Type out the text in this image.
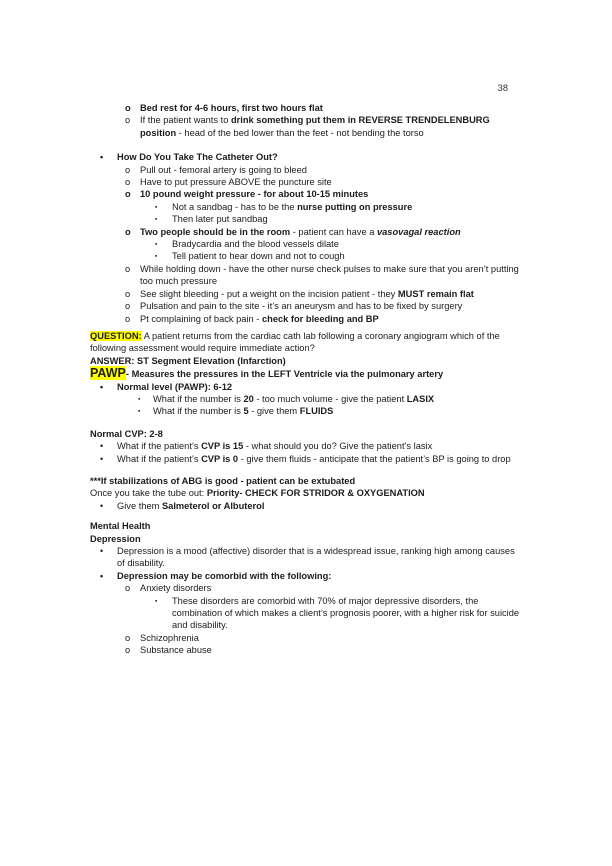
38
o Bed rest for 4-6 hours, first two hours flat
o If the patient wants to drink something put them in REVERSE TRENDELENBURG position - head of the bed lower than the feet - not bending the torso
• How Do You Take The Catheter Out?
o Pull out - femoral artery is going to bleed
o Have to put pressure ABOVE the puncture site
o 10 pound weight pressure - for about 10-15 minutes
▪ Not a sandbag - has to be the nurse putting on pressure
▪ Then later put sandbag
o Two people should be in the room - patient can have a vasovagal reaction
▪ Bradycardia and the blood vessels dilate
▪ Tell patient to hear down and not to cough
o While holding down - have the other nurse check pulses to make sure that you aren’t putting too much pressure
o See slight bleeding - put a weight on the incision patient - they MUST remain flat
o Pulsation and pain to the site - it’s an aneurysm and has to be fixed by surgery
o Pt complaining of back pain - check for bleeding and BP
QUESTION: A patient returns from the cardiac cath lab following a coronary angiogram which of the following assessment would require immediate action?
ANSWER: ST Segment Elevation (Infarction)
PAWP- Measures the pressures in the LEFT Ventricle via the pulmonary artery
• Normal level (PAWP): 6-12
▪ What if the number is 20 - too much volume - give the patient LASIX
▪ What if the number is 5 - give them FLUIDS
Normal CVP: 2-8
• What if the patient’s CVP is 15 - what should you do? Give the patient’s lasix
• What if the patient’s CVP is 0 - give them fluids - anticipate that the patient’s BP is going to drop
***If stabilizations of ABG is good - patient can be extubated
Once you take the tube out: Priority- CHECK FOR STRIDOR & OXYGENATION
• Give them Salmeterol or Albuterol
Mental Health
Depression
• Depression is a mood (affective) disorder that is a widespread issue, ranking high among causes of disability.
• Depression may be comorbid with the following:
o Anxiety disorders
▪ These disorders are comorbid with 70% of major depressive disorders, the combination of which makes a client’s prognosis poorer, with a higher risk for suicide and disability.
o Schizophrenia
o Substance abuse
